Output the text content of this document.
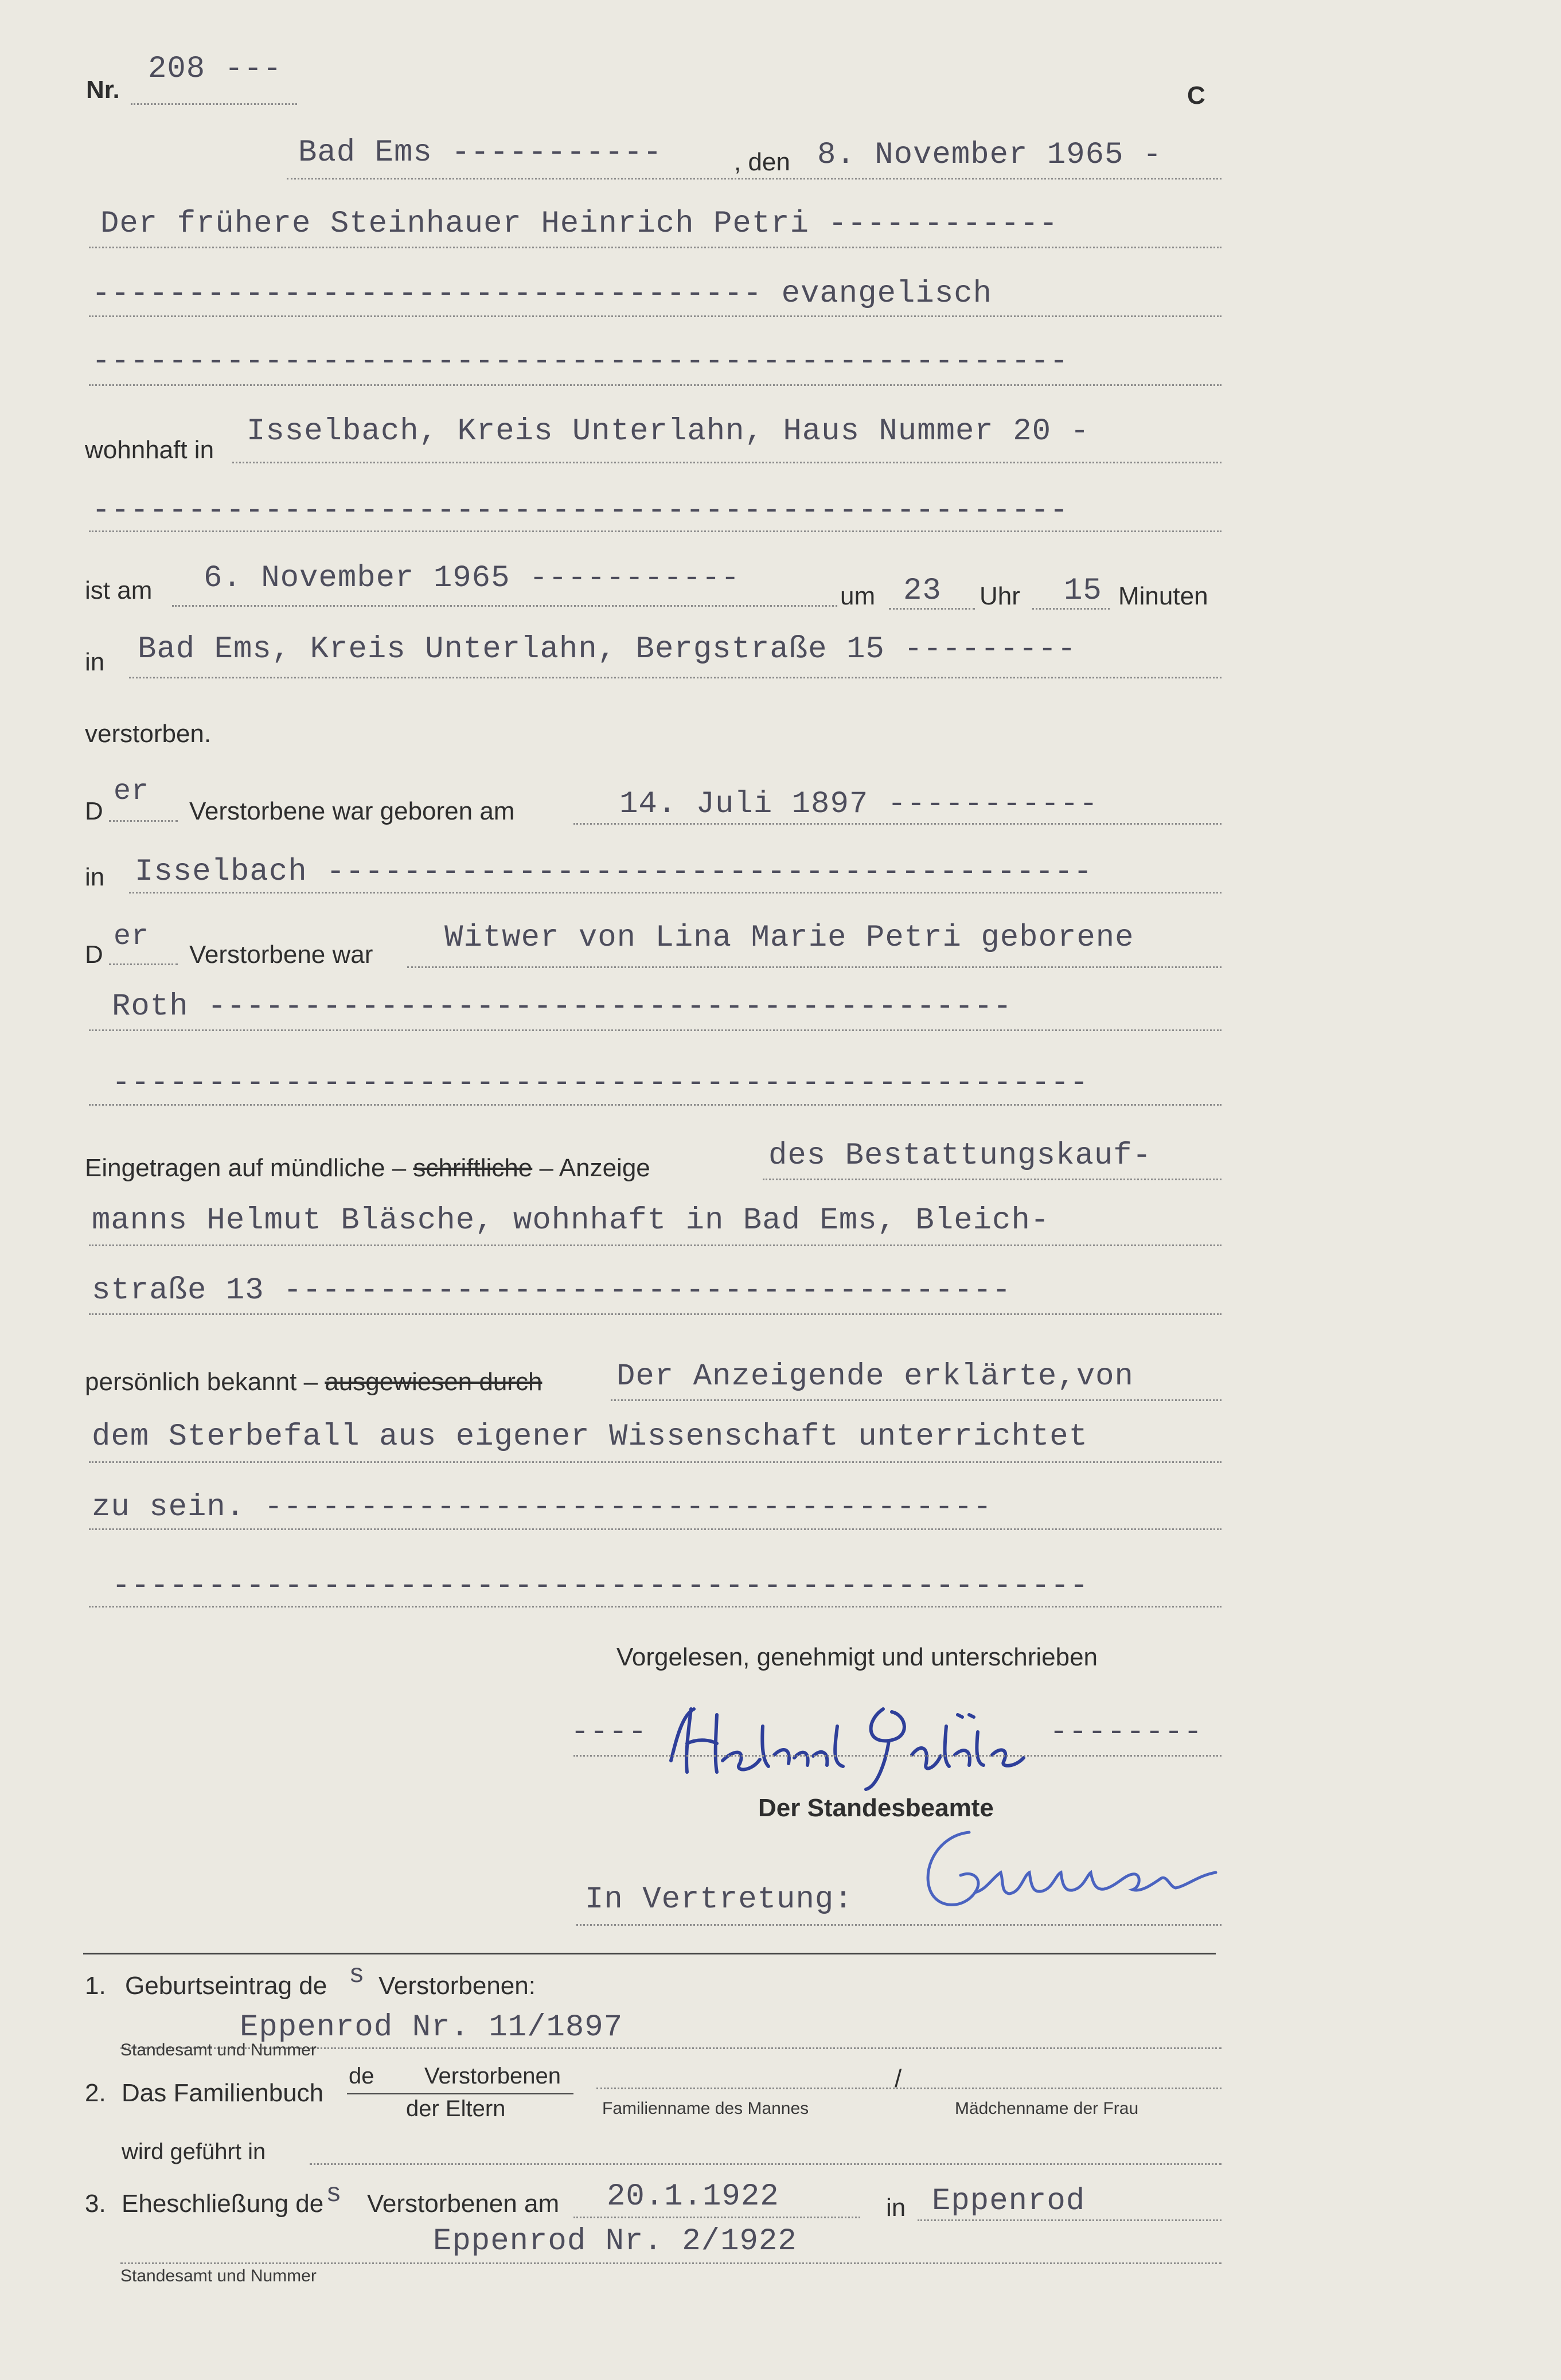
Nr.
208 ---
C
Bad Ems -----------	, den 8. November 1965 -
Der frühere Steinhauer Heinrich Petri ------------
----------------------------------- evangelisch
---------------------------------------------------
wohnhaft in
Isselbach, Kreis Unterlahn, Haus Nummer 20 -
---------------------------------------------------
ist am 6. November 1965 -----------
um 23 Uhr 15 Minuten
in Bad Ems, Kreis Unterlahn, Bergstraße 15 ---------
verstorben.
D
er
Verstorbene war geboren am	14. Juli 1897 -----------
in Isselbach ----------------------------------------
D
er
Verstorbene war Witwer von Lina Marie Petri geborene
Roth ------------------------------------------
---------------------------------------------------
Eingetragen auf mündliche – schriftliche – Anzeige	des Bestattungskauf-
manns Helmut Bläsche, wohnhaft in Bad Ems, Bleich-
straße 13 --------------------------------------
persönlich bekannt – ausgewiesen durch Der Anzeigende erklärte,von
dem Sterbefall aus eigener Wissenschaft unterrichtet
zu sein. --------------------------------------
---------------------------------------------------
Vorgelesen, genehmigt und unterschrieben
----	--------
Der Standesbeamte
In Vertretung:
1. Geburtseintrag de s Verstorbenen:
Eppenrod Nr. 11/1897
Standesamt und Nummer
2. Das Familienbuch
de Verstorbenen
der Eltern	Familienname des Mannes
/
Mädchenname der Frau
wird geführt in
3. Eheschließung de s Verstorbenen am 20.1.1922	in Eppenrod
Eppenrod Nr. 2/1922
Standesamt und Nummer
